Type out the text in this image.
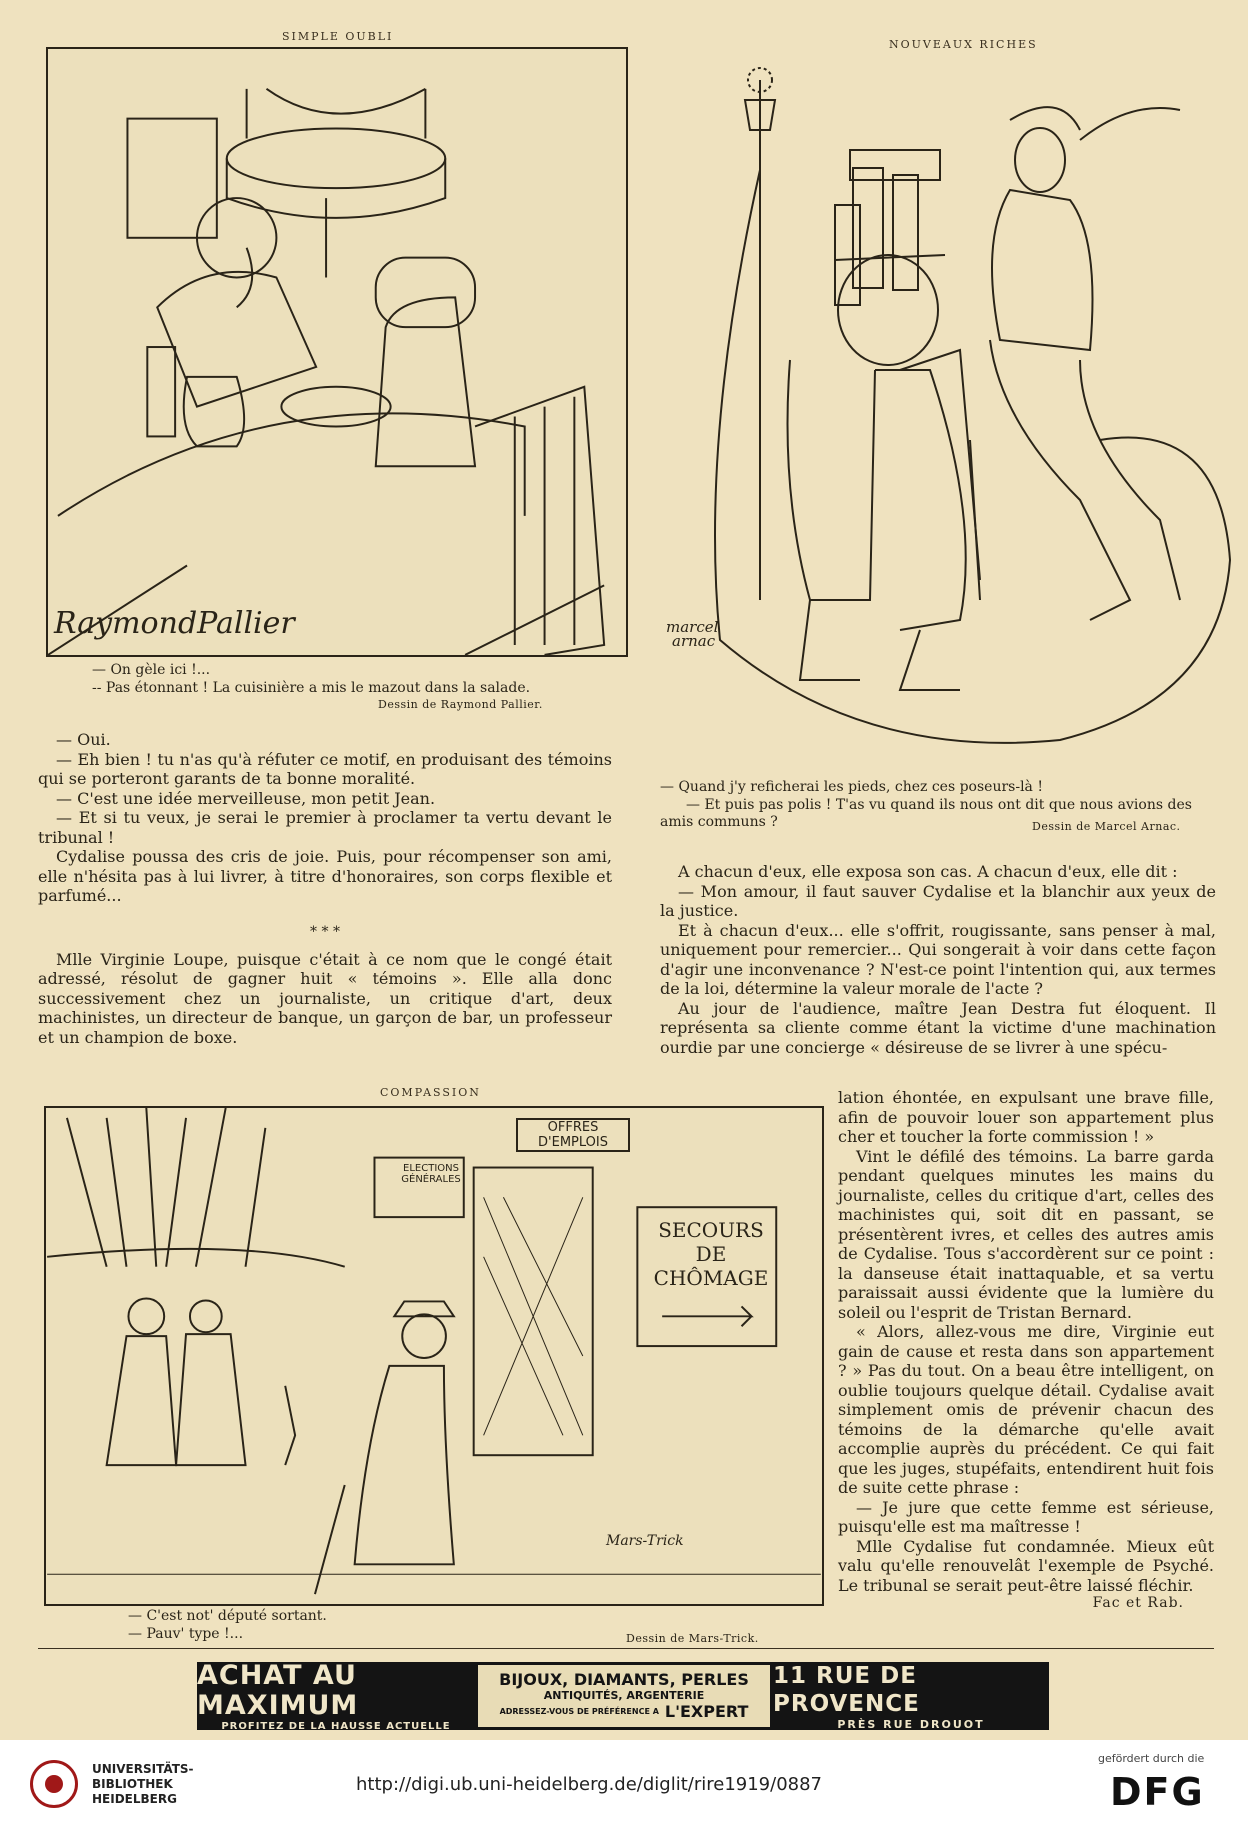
SIMPLE OUBLI
RaymondPallier
— On gèle ici !...
-- Pas étonnant ! La cuisinière a mis le mazout dans la salade.
Dessin de Raymond Pallier.
NOUVEAUX RICHES
marcel
arnac
— Quand j'y reficherai les pieds, chez ces poseurs-là !
— Et puis pas polis ! T'as vu quand ils nous ont dit que nous avions des amis communs ?	Dessin de Marcel Arnac.

— Oui.

— Eh bien ! tu n'as qu'à réfuter ce motif, en produisant des témoins qui se porteront garants de ta bonne moralité.

— C'est une idée merveilleuse, mon petit Jean.

— Et si tu veux, je serai le premier à proclamer ta vertu devant le tribunal !

Cydalise poussa des cris de joie. Puis, pour récompenser son ami, elle n'hésita pas à lui livrer, à titre d'honoraires, son corps flexible et parfumé...

* * *

Mlle Virginie Loupe, puisque c'était à ce nom que le congé était adressé, résolut de gagner huit « témoins ». Elle alla donc successivement chez un journaliste, un critique d'art, deux machinistes, un directeur de banque, un garçon de bar, un professeur et un champion de boxe.

COMPASSION
ELECTIONS GÉNÉRALES
OFFRES D'EMPLOIS
SECOURS DE CHÔMAGE
Mars-Trick
— C'est not' député sortant.
— Pauv' type !...	Dessin de Mars-Trick.

A chacun d'eux, elle exposa son cas. A chacun d'eux, elle dit :

— Mon amour, il faut sauver Cydalise et la blanchir aux yeux de la justice.

Et à chacun d'eux... elle s'offrit, rougissante, sans penser à mal, uniquement pour remercier... Qui songerait à voir dans cette façon d'agir une inconvenance ? N'est-ce point l'intention qui, aux termes de la loi, détermine la valeur morale de l'acte ?

Au jour de l'audience, maître Jean Destra fut éloquent. Il représenta sa cliente comme étant la victime d'une machination ourdie par une concierge « désireuse de se livrer à une spécu-

lation éhontée, en expulsant une brave fille, afin de pouvoir louer son appartement plus cher et toucher la forte commission ! »

Vint le défilé des témoins. La barre garda pendant quelques minutes les mains du journaliste, celles du critique d'art, celles des machinistes qui, soit dit en passant, se présentèrent ivres, et celles des autres amis de Cydalise. Tous s'accordèrent sur ce point : la danseuse était inattaquable, et sa vertu paraissait aussi évidente que la lumière du soleil ou l'esprit de Tristan Bernard.

« Alors, allez-vous me dire, Virginie eut gain de cause et resta dans son appartement ? » Pas du tout. On a beau être intelligent, on oublie toujours quelque détail. Cydalise avait simplement omis de prévenir chacun des témoins de la démarche qu'elle avait accomplie auprès du précédent. Ce qui fait que les juges, stupéfaits, entendirent huit fois de suite cette phrase :

— Je jure que cette femme est sérieuse, puisqu'elle est ma maîtresse !

Mlle Cydalise fut condamnée. Mieux eût valu qu'elle renouvelât l'exemple de Psyché. Le tribunal se serait peut-être laissé fléchir.

Fac et Rab.
ACHAT AU MAXIMUM
PROFITEZ DE LA HAUSSE ACTUELLE
BIJOUX, DIAMANTS, PERLES
ANTIQUITÉS, ARGENTERIE
ADRESSEZ-VOUS DE PRÉFÉRENCE A L'EXPERT
11 RUE DE PROVENCE
PRÈS RUE DROUOT
UNIVERSITÄTS-
BIBLIOTHEK
HEIDELBERG
http://digi.ub.uni-heidelberg.de/diglit/rire1919/0887
gefördert durch die
DFG
